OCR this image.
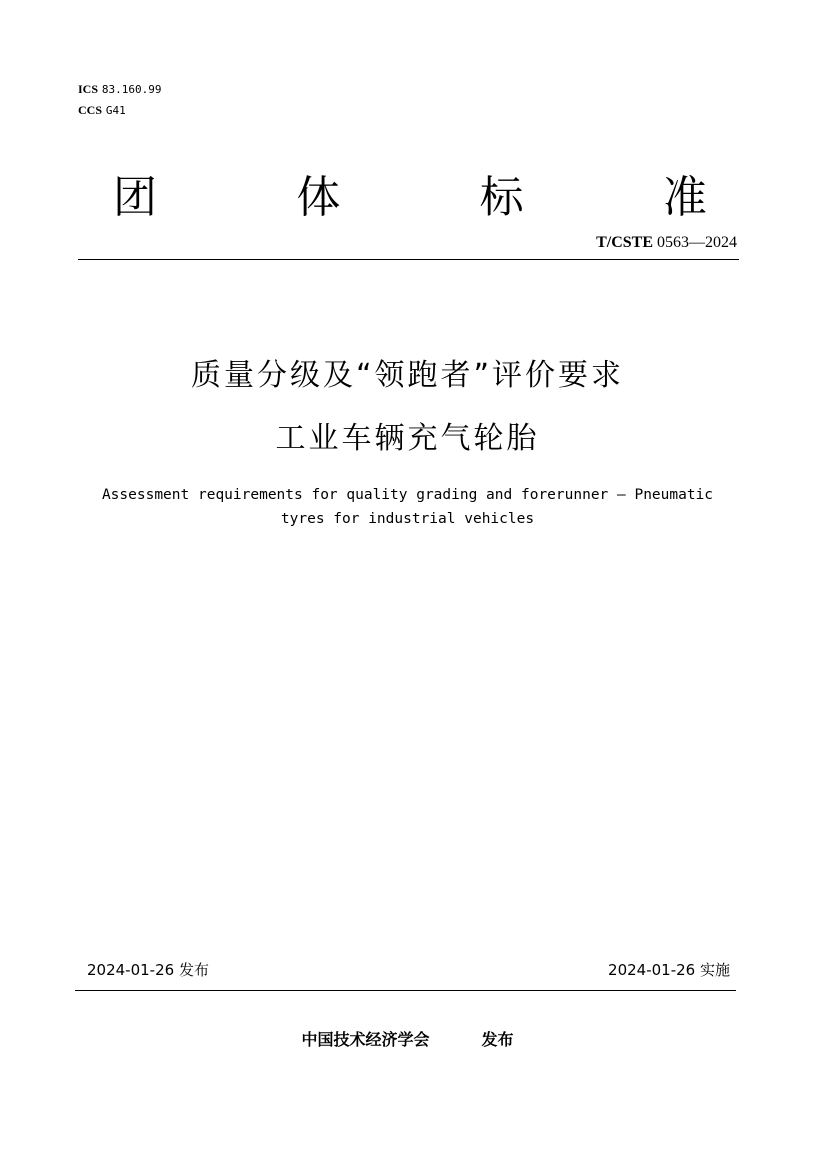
ICS 83.160.99
CCS G41
团	体	标	准
T/CSTE 0563—2024
质量分级及“领跑者”评价要求
工业车辆充气轮胎
Assessment requirements for quality grading and forerunner — Pneumatic
tyres for industrial vehicles
2024-01-26 发布	2024-01-26 实施
中国技术经济学会	发布
